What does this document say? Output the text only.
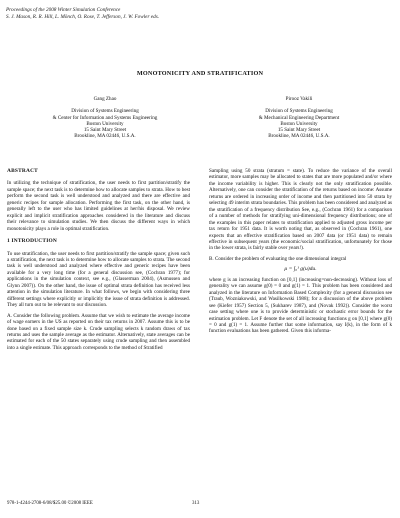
Proceedings of the 2008 Winter Simulation Conference
S. J. Mason, R. R. Hill, L. Mönch, O. Rose, T. Jefferson, J. W. Fowler eds.
MONOTONICITY AND STRATIFICATION
Gang Zhao
Division of Systems Engineering
& Center for Information and Systems Engineering
Boston University
15 Saint Mary Street
Brookline, MA 02446, U.S.A.
Pirooz Vakili
Division of Systems Engineering
& Mechanical Engineering Department
Boston University
15 Saint Mary Street
Brookline, MA 02446, U.S.A.
ABSTRACT

In utilizing the technique of stratification, the user needs to first partition/stratify the sample space; the next task is to determine how to allocate samples to strata. How to best perform the second task is well understood and analyzed and there are effective and generic recipes for sample allocation. Performing the first task, on the other hand, is generally left to the user who has limited guidelines at her/his disposal. We review explicit and implicit stratification approaches considered in the literature and discuss their relevance to simulation studies. We then discuss the different ways in which monotonicity plays a role in optimal stratification.

1 INTRODUCTION

To use stratification, the user needs to first partition/stratify the sample space; given such a stratification, the next task is to determine how to allocate samples to strata. The second task is well understood and analyzed where effective and generic recipes have been available for a very long time (for a general discussion see, (Cochran 1977); for applications in the simulation context, see e.g., (Glasserman 2004), (Asmussen and Glynn 2007)). On the other hand, the issue of optimal strata definition has received less attention in the simulation literature. In what follows, we begin with considering three different settings where explicitly or implicitly the issue of strata definition is addressed. They all turn out to be relevant to our discussion.

A. Consider the following problem. Assume that we wish to estimate the average income of wage earners in the US as reported on their tax returns in 2007. Assume this is to be done based on a fixed sample size k. Crude sampling selects k random draws of tax returns and uses the sample average as the estimator. Alternatively, state averages can be estimated for each of the 50 states separately using crude sampling and then assembled into a single estimate. This approach corresponds to the method of Stratified

Sampling using 50 strata (stratum = state). To reduce the variance of the overall estimator, more samples may be allocated to states that are more populated and/or where the income variability is higher. This is clearly not the only stratification possible. Alternatively, one can consider the stratification of the returns based on income: Assume returns are ordered in increasing order of income and then partitioned into 50 strata by selecting 49 interim strata boundaries. This problem has been considered and analyzed as the stratification of a frequency distribution See, e.g., (Cochran 1961) for a comparison of a number of methods for stratifying uni-dimensional frequency distributions; one of the examples in this paper relates to stratification applied to adjusted gross income per tax return for 1951 data. It is worth noting that, as observed in (Cochran 1961), one expects that an effective stratification based on 2007 data (or 1951 data) to remain effective in subsequent years (the economic/social stratification, unfortunately for those in the lower strata, is fairly stable over years!).

B. Consider the problem of evaluating the one dimensional integral

μ = ∫₀¹ g(u)du.

where g is an increasing function on [0,1] (increasing=non-decreasing). Without loss of generality we can assume g(0) = 0 and g(1) = 1. This problem has been considered and analyzed in the literature on Information Based Complexity (for a general discussion see (Traub, Wozniakowski, and Wasilkowski 1988); for a discussion of the above problem see (Kiefer 1957) Section 5, (Sukharev 1987), and (Novak 1992)). Consider the worst case setting where one is to provide deterministic or stochastic error bounds for the estimation problem. Let F denote the set of all increasing functions g on [0,1] where g(0) = 0 and g(1) = 1. Assume further that some information, say I(k), in the form of k function evaluations has been gathered. Given this informa-

978-1-4244-2708-6/08/$25.00 ©2008 IEEE	313
